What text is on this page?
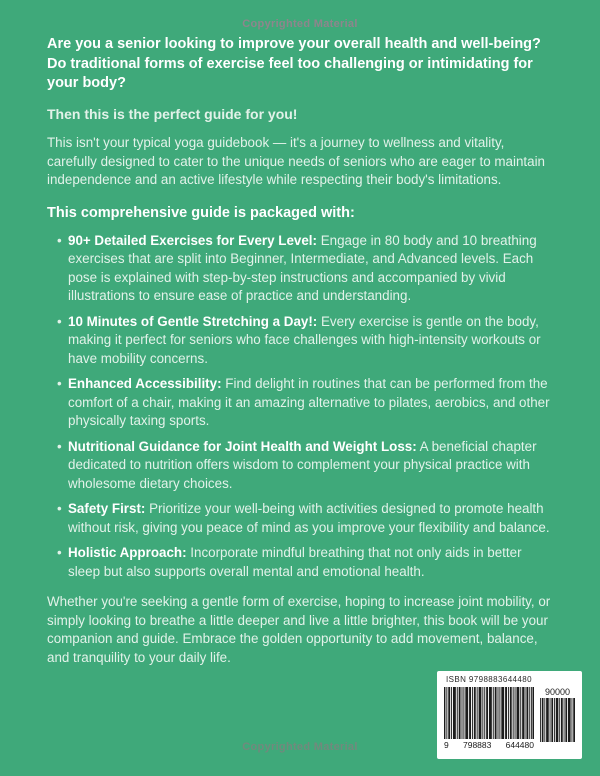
Copyrighted Material

Are you a senior looking to improve your overall health and well-being? Do traditional forms of exercise feel too challenging or intimidating for your body?

Then this is the perfect guide for you!

This isn't your typical yoga guidebook — it's a journey to wellness and vitality, carefully designed to cater to the unique needs of seniors who are eager to maintain independence and an active lifestyle while respecting their body's limitations.

This comprehensive guide is packaged with:

•

90+ Detailed Exercises for Every Level: Engage in 80 body and 10 breathing exercises that are split into Beginner, Intermediate, and Advanced levels. Each pose is explained with step-by-step instructions and accompanied by vivid illustrations to ensure ease of practice and understanding.

•

10 Minutes of Gentle Stretching a Day!: Every exercise is gentle on the body, making it perfect for seniors who face challenges with high-intensity workouts or have mobility concerns.

•

Enhanced Accessibility: Find delight in routines that can be performed from the comfort of a chair, making it an amazing alternative to pilates, aerobics, and other physically taxing sports.

•

Nutritional Guidance for Joint Health and Weight Loss: A beneficial chapter dedicated to nutrition offers wisdom to complement your physical practice with wholesome dietary choices.

•

Safety First: Prioritize your well-being with activities designed to promote health without risk, giving you peace of mind as you improve your flexibility and balance.

•

Holistic Approach: Incorporate mindful breathing that not only aids in better sleep but also supports overall mental and emotional health.

Whether you're seeking a gentle form of exercise, hoping to increase joint mobility, or simply looking to breathe a little deeper and live a little brighter, this book will be your companion and guide. Embrace the golden opportunity to add movement, balance, and tranquility to your daily life.

ISBN 9798883644480
9 798883 644480
90000
Copyrighted Material
